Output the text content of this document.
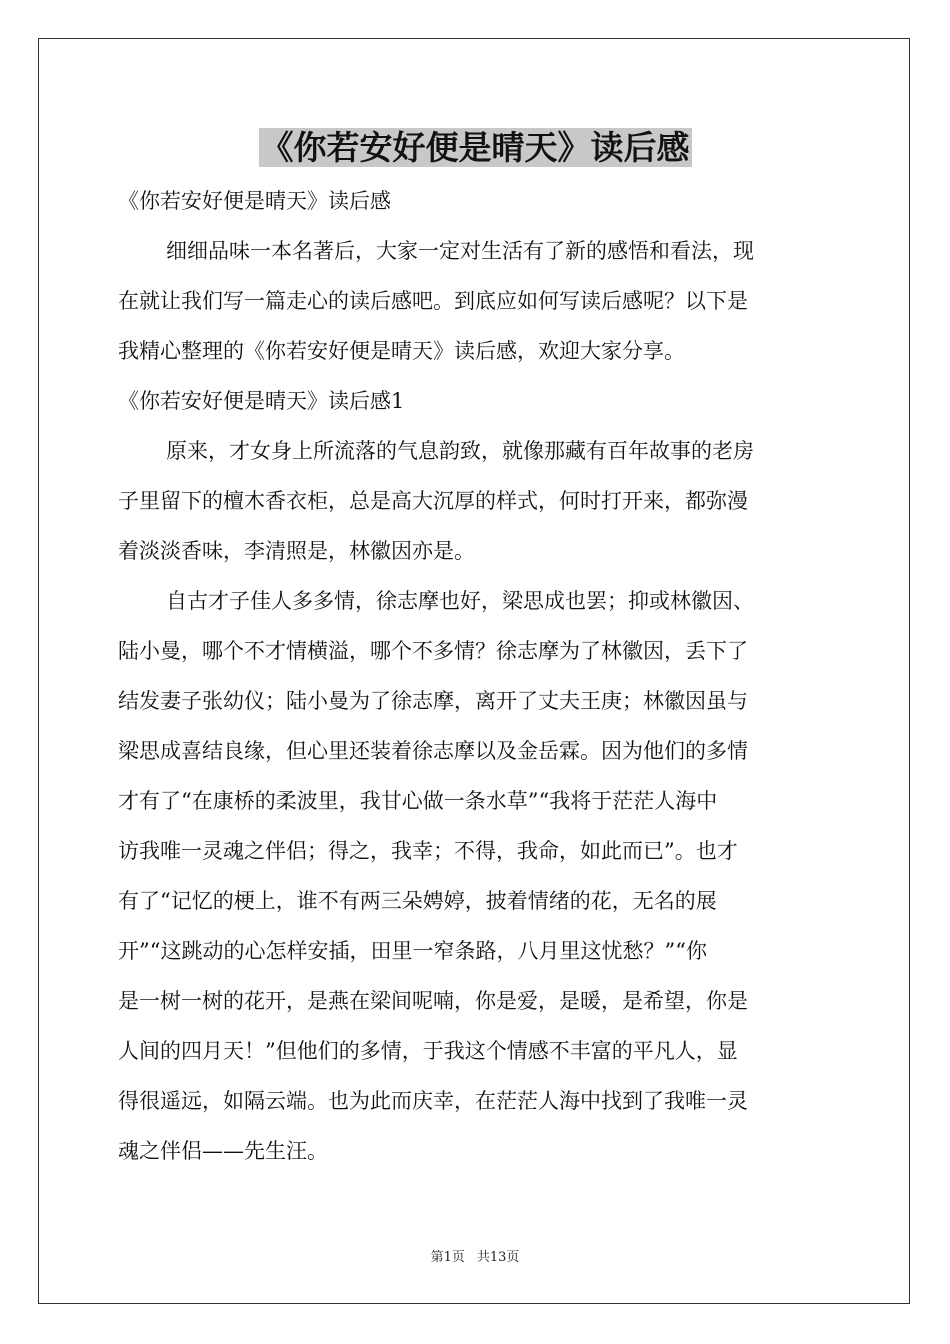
《你若安好便是晴天》读后感

《你若安好便是晴天》读后感

细细品味一本名著后，大家一定对生活有了新的感悟和看法，现

在就让我们写一篇走心的读后感吧。到底应如何写读后感呢？以下是

我精心整理的《你若安好便是晴天》读后感，欢迎大家分享。

《你若安好便是晴天》读后感1

原来，才女身上所流落的气息韵致，就像那藏有百年故事的老房

子里留下的檀木香衣柜，总是高大沉厚的样式，何时打开来，都弥漫

着淡淡香味，李清照是，林徽因亦是。

自古才子佳人多多情，徐志摩也好，梁思成也罢；抑或林徽因、

陆小曼，哪个不才情横溢，哪个不多情？徐志摩为了林徽因，丢下了

结发妻子张幼仪；陆小曼为了徐志摩，离开了丈夫王庚；林徽因虽与

梁思成喜结良缘，但心里还装着徐志摩以及金岳霖。因为他们的多情

才有了“在康桥的柔波里，我甘心做一条水草”“我将于茫茫人海中

访我唯一灵魂之伴侣；得之，我幸；不得，我命，如此而已”。也才

有了“记忆的梗上，谁不有两三朵娉婷，披着情绪的花，无名的展

开”“这跳动的心怎样安插，田里一窄条路，八月里这忧愁？”“你

是一树一树的花开，是燕在梁间呢喃，你是爱，是暖，是希望，你是

人间的四月天！”但他们的多情，于我这个情感不丰富的平凡人，显

得很遥远，如隔云端。也为此而庆幸，在茫茫人海中找到了我唯一灵

魂之伴侣——先生汪。

第1页 共13页
